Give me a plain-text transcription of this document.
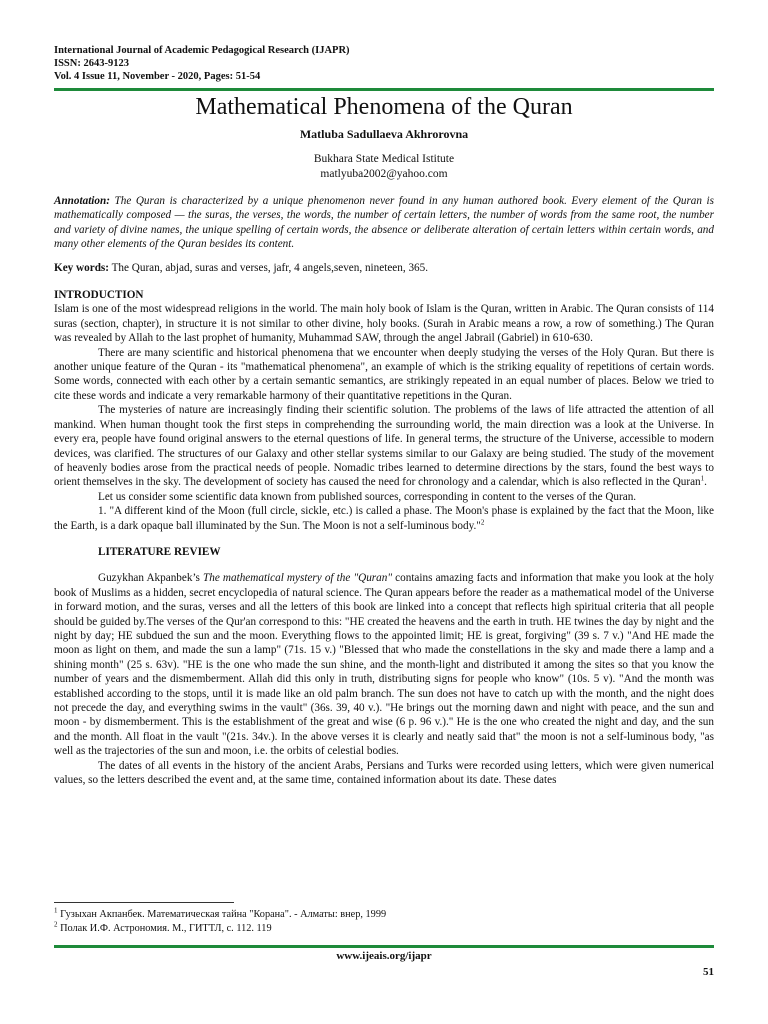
International Journal of Academic Pedagogical Research (IJAPR)
ISSN: 2643-9123
Vol. 4 Issue 11, November - 2020, Pages: 51-54
Mathematical Phenomena of the Quran
Matluba Sadullaeva Akhrorovna
Bukhara State Medical Istitute
matlyuba2002@yahoo.com

Annotation: The Quran is characterized by a unique phenomenon never found in any human authored book. Every element of the Quran is mathematically composed — the suras, the verses, the words, the number of certain letters, the number of words from the same root, the number and variety of divine names, the unique spelling of certain words, the absence or deliberate alteration of certain letters within certain words, and many other elements of the Quran besides its content.

Key words: The Quran, abjad, suras and verses, jafr, 4 angels,seven, nineteen, 365.

INTRODUCTION

Islam is one of the most widespread religions in the world. The main holy book of Islam is the Quran, written in Arabic. The Quran consists of 114 suras (section, chapter), in structure it is not similar to other divine, holy books. (Surah in Arabic means a row, a row of something.) The Quran was revealed by Allah to the last prophet of humanity, Muhammad SAW, through the angel Jabrail (Gabriel) in 610-630.

There are many scientific and historical phenomena that we encounter when deeply studying the verses of the Holy Quran. But there is another unique feature of the Quran - its "mathematical phenomena", an example of which is the striking equality of repetitions of certain words. Some words, connected with each other by a certain semantic semantics, are strikingly repeated in an equal number of places. Below we tried to cite these words and indicate a very remarkable harmony of their quantitative repetitions in the Quran.

The mysteries of nature are increasingly finding their scientific solution. The problems of the laws of life attracted the attention of all mankind. When human thought took the first steps in comprehending the surrounding world, the main direction was a look at the Universe. In every era, people have found original answers to the eternal questions of life. In general terms, the structure of the Universe, accessible to modern devices, was clarified. The structures of our Galaxy and other stellar systems similar to our Galaxy are being studied. The study of the movement of heavenly bodies arose from the practical needs of people. Nomadic tribes learned to determine directions by the stars, found the best ways to orient themselves in the sky. The development of society has caused the need for chronology and a calendar, which is also reflected in the Quran$^1$.

Let us consider some scientific data known from published sources, corresponding in content to the verses of the Quran.

1. "A different kind of the Moon (full circle, sickle, etc.) is called a phase. The Moon's phase is explained by the fact that the Moon, like the Earth, is a dark opaque ball illuminated by the Sun. The Moon is not a self-luminous body."$^2$

LITERATURE REVIEW

Guzykhan Akpanbek’s The mathematical mystery of the "Quran" contains amazing facts and information that make you look at the holy book of Muslims as a hidden, secret encyclopedia of natural science. The Quran appears before the reader as a mathematical model of the Universe in forward motion, and the suras, verses and all the letters of this book are linked into a concept that reflects high spiritual criteria that all people should be guided by.The verses of the Qur'an correspond to this: "HE created the heavens and the earth in truth. HE twines the day by night and the night by day; HE subdued the sun and the moon. Everything flows to the appointed limit; HE is great, forgiving" (39 s. 7 v.) "And HE made the moon as light on them, and made the sun a lamp" (71s. 15 v.) "Blessed that who made the constellations in the sky and made there a lamp and a shining month" (25 s. 63v). "HE is the one who made the sun shine, and the month-light and distributed it among the sites so that you know the number of years and the dismemberment. Allah did this only in truth, distributing signs for people who know" (10s. 5 v). "And the month was established according to the stops, until it is made like an old palm branch. The sun does not have to catch up with the month, and the night does not precede the day, and everything swims in the vault" (36s. 39, 40 v.). "He brings out the morning dawn and night with peace, and the sun and moon - by dismemberment. This is the establishment of the great and wise (6 p. 96 v.)." He is the one who created the night and day, and the sun and the month. All float in the vault "(21s. 34v.). In the above verses it is clearly and neatly said that" the moon is not a self-luminous body, "as well as the trajectories of the sun and moon, i.e. the orbits of celestial bodies.

The dates of all events in the history of the ancient Arabs, Persians and Turks were recorded using letters, which were given numerical values, so the letters described the event and, at the same time, contained information about its date. These dates

$^1$ Гузыхан Акпанбек. Математическая тайна "Корана". - Алматы: внер, 1999
$^2$ Полак И.Ф. Астрономия. М., ГИТТЛ, с. 112. 119
www.ijeais.org/ijapr
51
